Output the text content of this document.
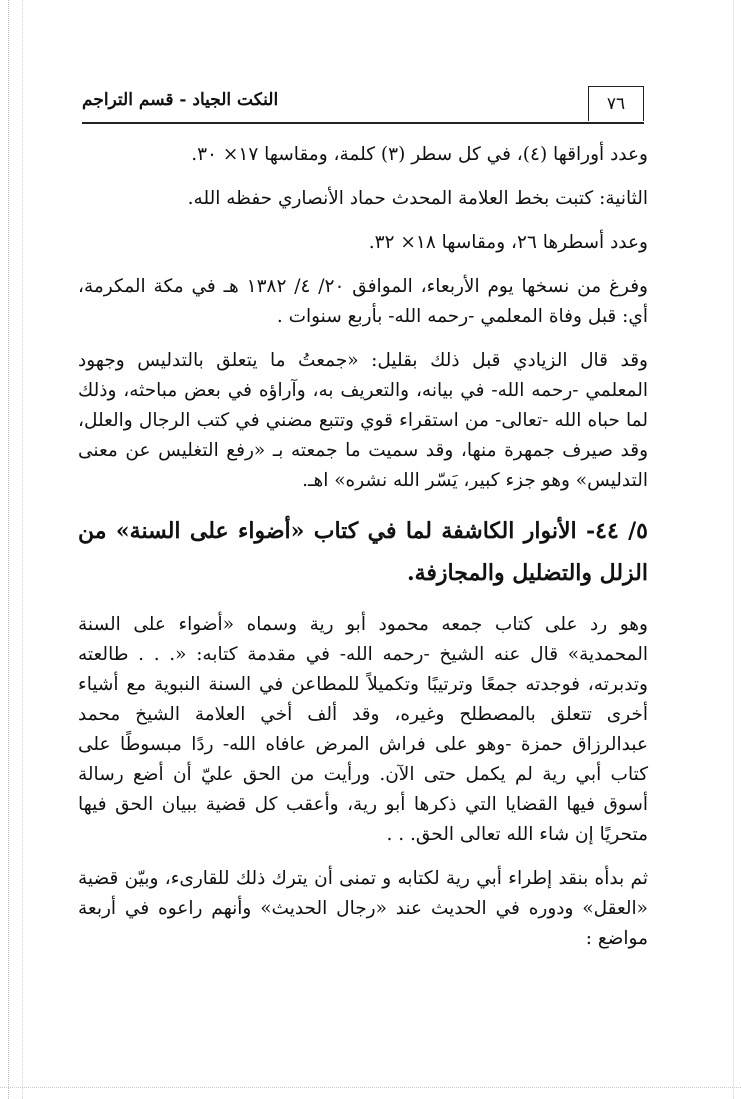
٧٦
النكت الجياد - قسم التراجم

وعدد أوراقها (٤)، في كل سطر (٣) كلمة، ومقاسها ١٧× ٣٠.

الثانية: كتبت بخط العلامة المحدث حماد الأنصاري حفظه الله.

وعدد أسطرها ٢٦، ومقاسها ١٨× ٣٢.

وفرغ من نسخها يوم الأربعاء، الموافق ٢٠/ ٤/ ١٣٨٢ هـ في مكة المكرمة، أي: قبل وفاة المعلمي -رحمه الله- بأربع سنوات .

وقد قال الزيادي قبل ذلك بقليل: «جمعتُ ما يتعلق بالتدليس وجهود المعلمي -رحمه الله- في بيانه، والتعريف به، وآراؤه في بعض مباحثه، وذلك لما حباه الله -تعالى- من استقراء قوي وتتبع مضني في كتب الرجال والعلل، وقد صيرف جمهرة منها، وقد سميت ما جمعته بـ «رفع التغليس عن معنى التدليس» وهو جزء كبير، يَسّر الله نشره» اهـ.

٥/ ٤٤- الأنوار الكاشفة لما في كتاب «أضواء على السنة» من الزلل والتضليل والمجازفة.

وهو رد على كتاب جمعه محمود أبو رية وسماه «أضواء على السنة المحمدية» قال عنه الشيخ -رحمه الله- في مقدمة كتابه: «. . . طالعته وتدبرته، فوجدته جمعًا وترتيبًا وتكميلاً للمطاعن في السنة النبوية مع أشياء أخرى تتعلق بالمصطلح وغيره، وقد ألف أخي العلامة الشيخ محمد عبدالرزاق حمزة -وهو على فراش المرض عافاه الله- ردًا مبسوطًا على كتاب أبي رية لم يكمل حتى الآن. ورأيت من الحق عليّ أن أضع رسالة أسوق فيها القضايا التي ذكرها أبو رية، وأعقب كل قضية ببيان الحق فيها متحريًا إن شاء الله تعالى الحق. . .

ثم بدأه بنقد إطراء أبي رية لكتابه و تمنى أن يترك ذلك للقارىء، وبيّن قضية «العقل» ودوره في الحديث عند «رجال الحديث» وأنهم راعوه في أربعة مواضع :
